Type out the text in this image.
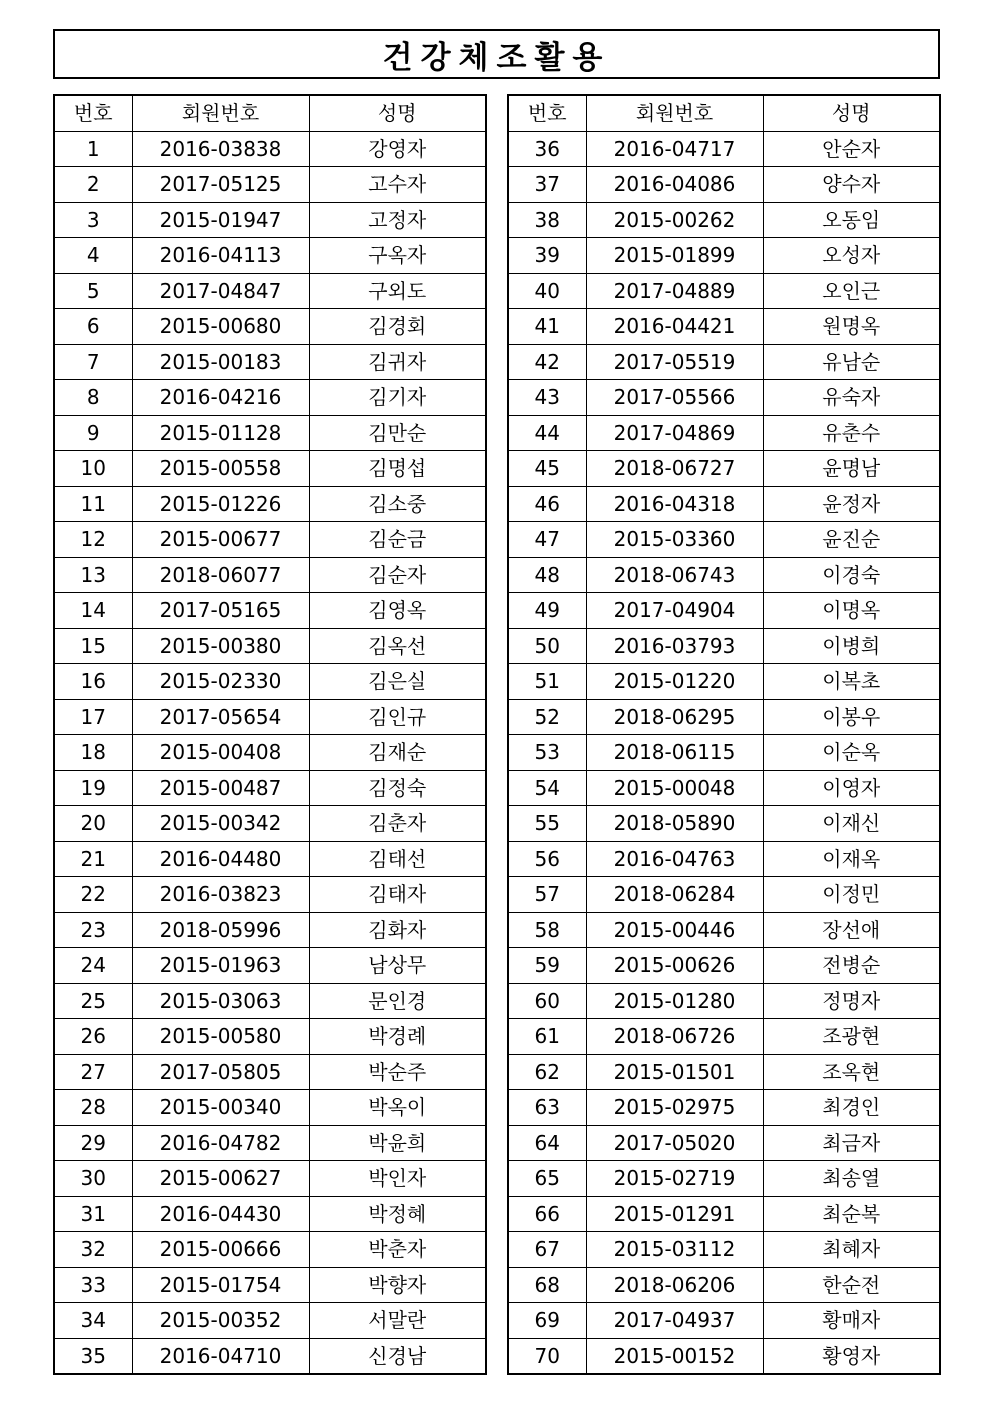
건강체조활용
번호	회원번호	성명
1	2016-03838	강영자
2	2017-05125	고수자
3	2015-01947	고정자
4	2016-04113	구옥자
5	2017-04847	구외도
6	2015-00680	김경회
7	2015-00183	김귀자
8	2016-04216	김기자
9	2015-01128	김만순
10	2015-00558	김명섭
11	2015-01226	김소중
12	2015-00677	김순금
13	2018-06077	김순자
14	2017-05165	김영옥
15	2015-00380	김옥선
16	2015-02330	김은실
17	2017-05654	김인규
18	2015-00408	김재순
19	2015-00487	김정숙
20	2015-00342	김춘자
21	2016-04480	김태선
22	2016-03823	김태자
23	2018-05996	김화자
24	2015-01963	남상무
25	2015-03063	문인경
26	2015-00580	박경례
27	2017-05805	박순주
28	2015-00340	박옥이
29	2016-04782	박윤희
30	2015-00627	박인자
31	2016-04430	박정혜
32	2015-00666	박춘자
33	2015-01754	박향자
34	2015-00352	서말란
35	2016-04710	신경남
번호	회원번호	성명
36	2016-04717	안순자
37	2016-04086	양수자
38	2015-00262	오동임
39	2015-01899	오성자
40	2017-04889	오인근
41	2016-04421	원명옥
42	2017-05519	유남순
43	2017-05566	유숙자
44	2017-04869	유춘수
45	2018-06727	윤명남
46	2016-04318	윤정자
47	2015-03360	윤진순
48	2018-06743	이경숙
49	2017-04904	이명옥
50	2016-03793	이병희
51	2015-01220	이복초
52	2018-06295	이봉우
53	2018-06115	이순옥
54	2015-00048	이영자
55	2018-05890	이재신
56	2016-04763	이재옥
57	2018-06284	이정민
58	2015-00446	장선애
59	2015-00626	전병순
60	2015-01280	정명자
61	2018-06726	조광현
62	2015-01501	조옥현
63	2015-02975	최경인
64	2017-05020	최금자
65	2015-02719	최송열
66	2015-01291	최순복
67	2015-03112	최혜자
68	2018-06206	한순전
69	2017-04937	황매자
70	2015-00152	황영자
